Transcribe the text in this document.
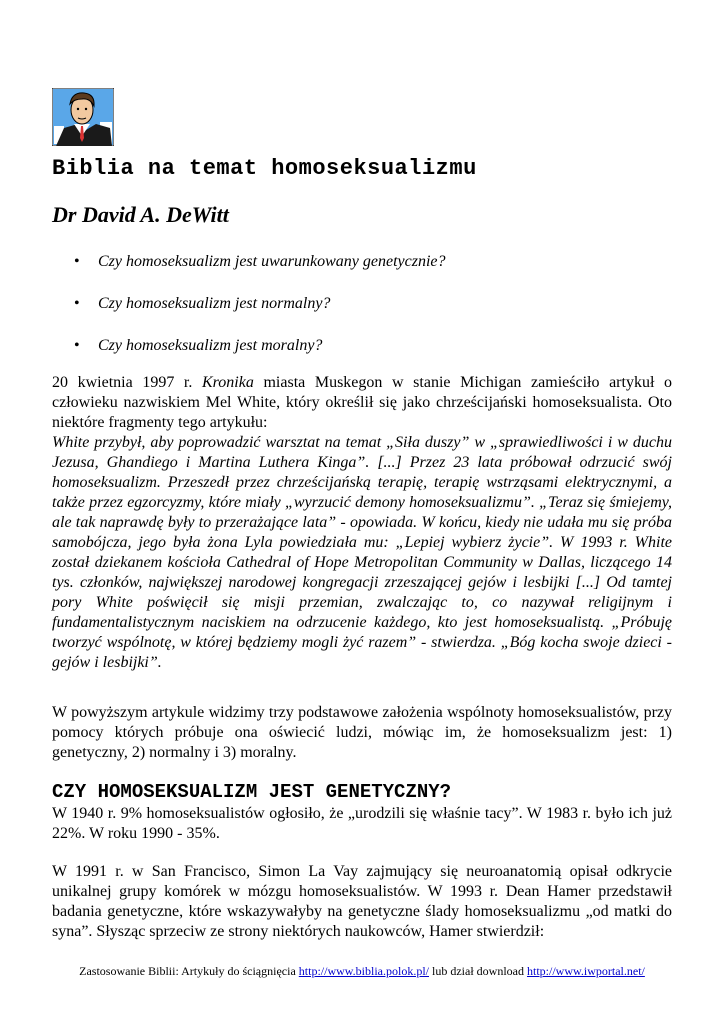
Biblia na temat homoseksualizmu
Dr David A. DeWitt
• Czy homoseksualizm jest uwarunkowany genetycznie?
• Czy homoseksualizm jest normalny?
• Czy homoseksualizm jest moralny?

20 kwietnia 1997 r. Kronika miasta Muskegon w stanie Michigan zamieściło artykuł o człowieku nazwiskiem Mel White, który określił się jako chrześcijański homoseksualista. Oto niektóre fragmenty tego artykułu:
White przybył, aby poprowadzić warsztat na temat „Siła duszy” w „sprawiedliwości i w duchu Jezusa, Ghandiego i Martina Luthera Kinga”. [...] Przez 23 lata próbował odrzucić swój homoseksualizm. Przeszedł przez chrześcijańską terapię, terapię wstrząsami elektrycznymi, a także przez egzorcyzmy, które miały „wyrzucić demony homoseksualizmu”. „Teraz się śmiejemy, ale tak naprawdę były to przerażające lata” - opowiada. W końcu, kiedy nie udała mu się próba samobójcza, jego była żona Lyla powiedziała mu: „Lepiej wybierz życie”. W 1993 r. White został dziekanem kościoła Cathedral of Hope Metropolitan Community w Dallas, liczącego 14 tys. członków, największej narodowej kongregacji zrzeszającej gejów i lesbijki [...] Od tamtej pory White poświęcił się misji przemian, zwalczając to, co nazywał religijnym i fundamentalistycznym naciskiem na odrzucenie każdego, kto jest homoseksualistą. „Próbuję tworzyć wspólnotę, w której będziemy mogli żyć razem” - stwierdza. „Bóg kocha swoje dzieci - gejów i lesbijki”.

W powyższym artykule widzimy trzy podstawowe założenia wspólnoty homoseksualistów, przy pomocy których próbuje ona oświecić ludzi, mówiąc im, że homoseksualizm jest: 1) genetyczny, 2) normalny i 3) moralny.

CZY HOMOSEKSUALIZM JEST GENETYCZNY?

W 1940 r. 9% homoseksualistów ogłosiło, że „urodzili się właśnie tacy”. W 1983 r. było ich już 22%. W roku 1990 - 35%.

W 1991 r. w San Francisco, Simon La Vay zajmujący się neuroanatomią opisał odkrycie unikalnej grupy komórek w mózgu homoseksualistów. W 1993 r. Dean Hamer przedstawił badania genetyczne, które wskazywałyby na genetyczne ślady homoseksualizmu „od matki do syna”. Słysząc sprzeciw ze strony niektórych naukowców, Hamer stwierdził:

Zastosowanie Biblii: Artykuły do ściągnięcia http://www.biblia.polok.pl/ lub dział download http://www.iwportal.net/
